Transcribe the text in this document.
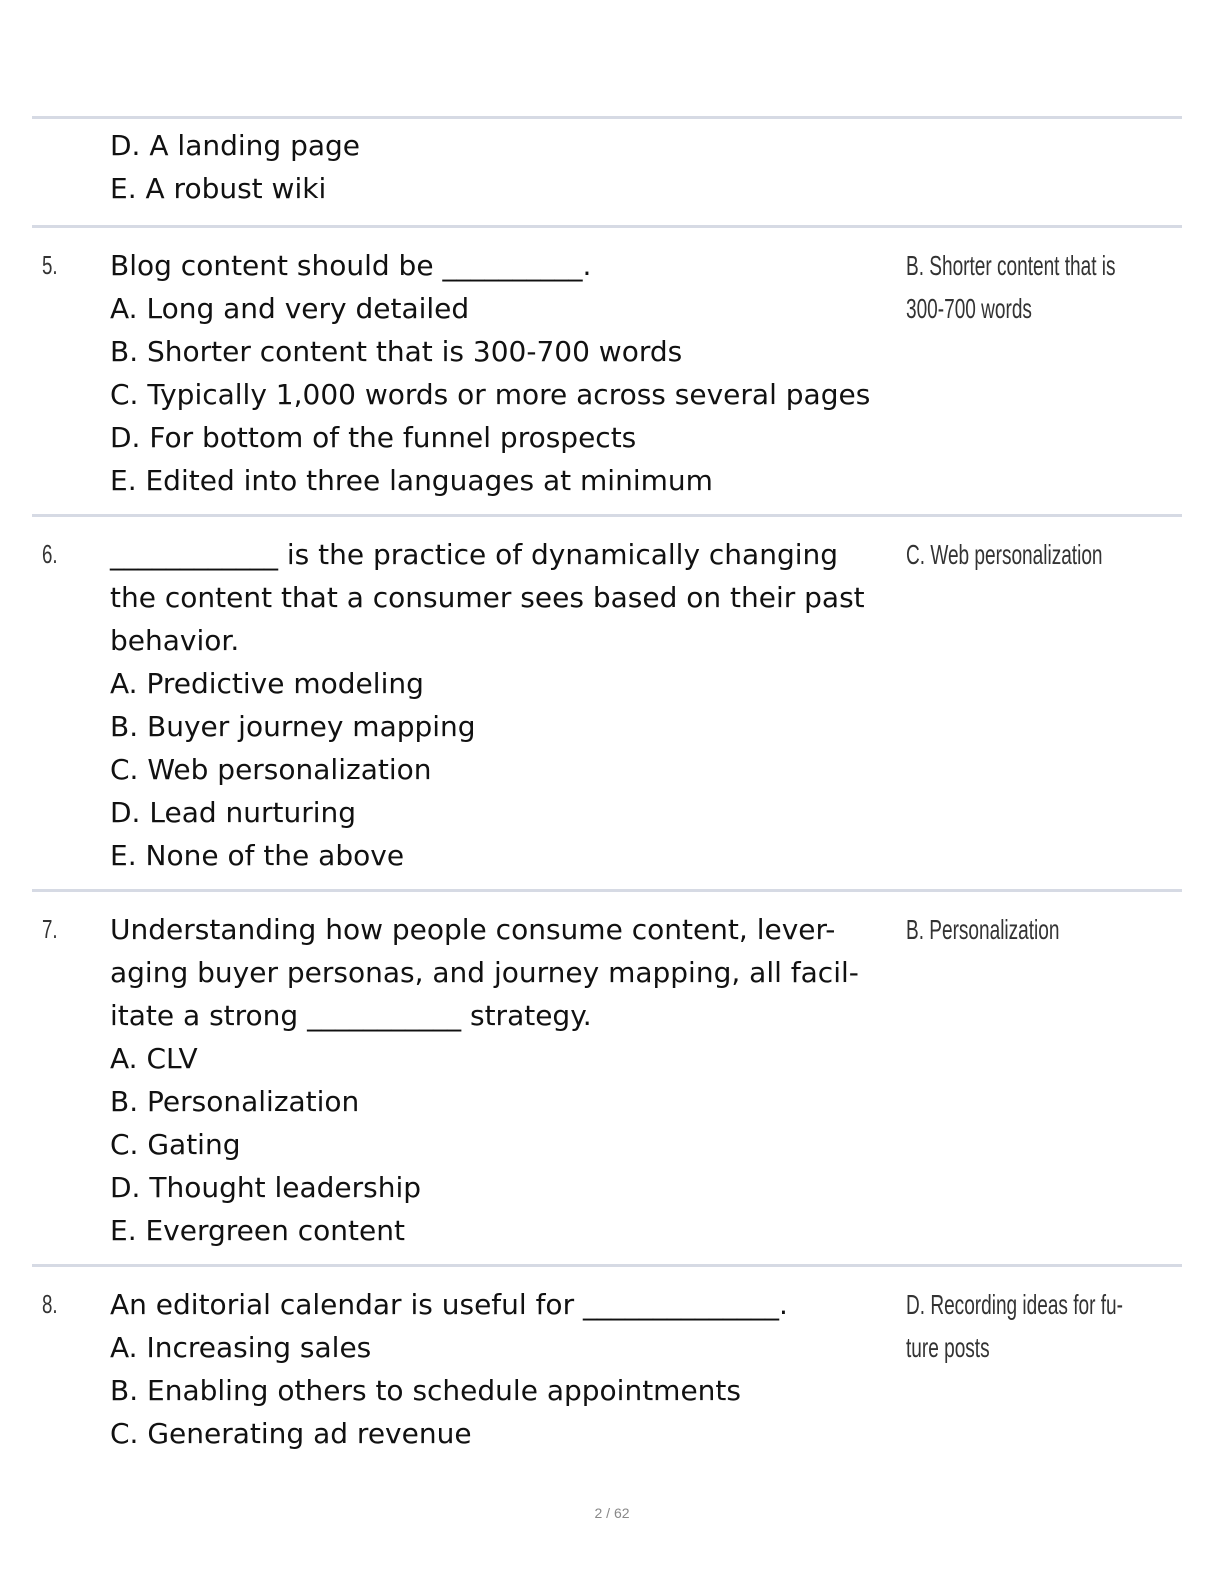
D. A landing page
E. A robust wiki
5. Blog content should be __________.
A. Long and very detailed
B. Shorter content that is 300-700 words
C. Typically 1,000 words or more across several pages
D. For bottom of the funnel prospects
E. Edited into three languages at minimum
B. Shorter content that is
300-700 words
6. ____________ is the practice of dynamically changing
the content that a consumer sees based on their past
behavior.
A. Predictive modeling
B. Buyer journey mapping
C. Web personalization
D. Lead nurturing
E. None of the above
C. Web personalization
7. Understanding how people consume content, lever-
aging buyer personas, and journey mapping, all facil-
itate a strong ___________ strategy.
A. CLV
B. Personalization
C. Gating
D. Thought leadership
E. Evergreen content
B. Personalization
8. An editorial calendar is useful for ______________.
A. Increasing sales
B. Enabling others to schedule appointments
C. Generating ad revenue
D. Recording ideas for fu-
ture posts
2 / 62
